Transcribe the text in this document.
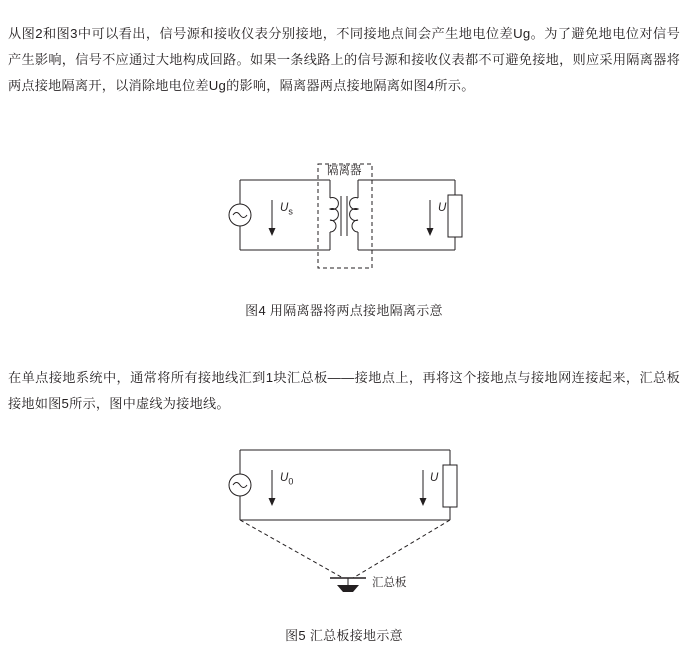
从图2和图3中可以看出，信号源和接收仪表分别接地，不同接地点间会产生地电位差Ug。为了避免地电位对信号产生影响，信号不应通过大地构成回路。如果一条线路上的信号源和接收仪表都不可避免接地，则应采用隔离器将两点接地隔离开，以消除地电位差Ug的影响，隔离器两点接地隔离如图4所示。

隔离器
$U_s$	U
图4 用隔离器将两点接地隔离示意

在单点接地系统中，通常将所有接地线汇到1块汇总板——接地点上，再将这个接地点与接地网连接起来，汇总板接地如图5所示，图中虚线为接地线。

$U_0$	U
汇总板
图5 汇总板接地示意
